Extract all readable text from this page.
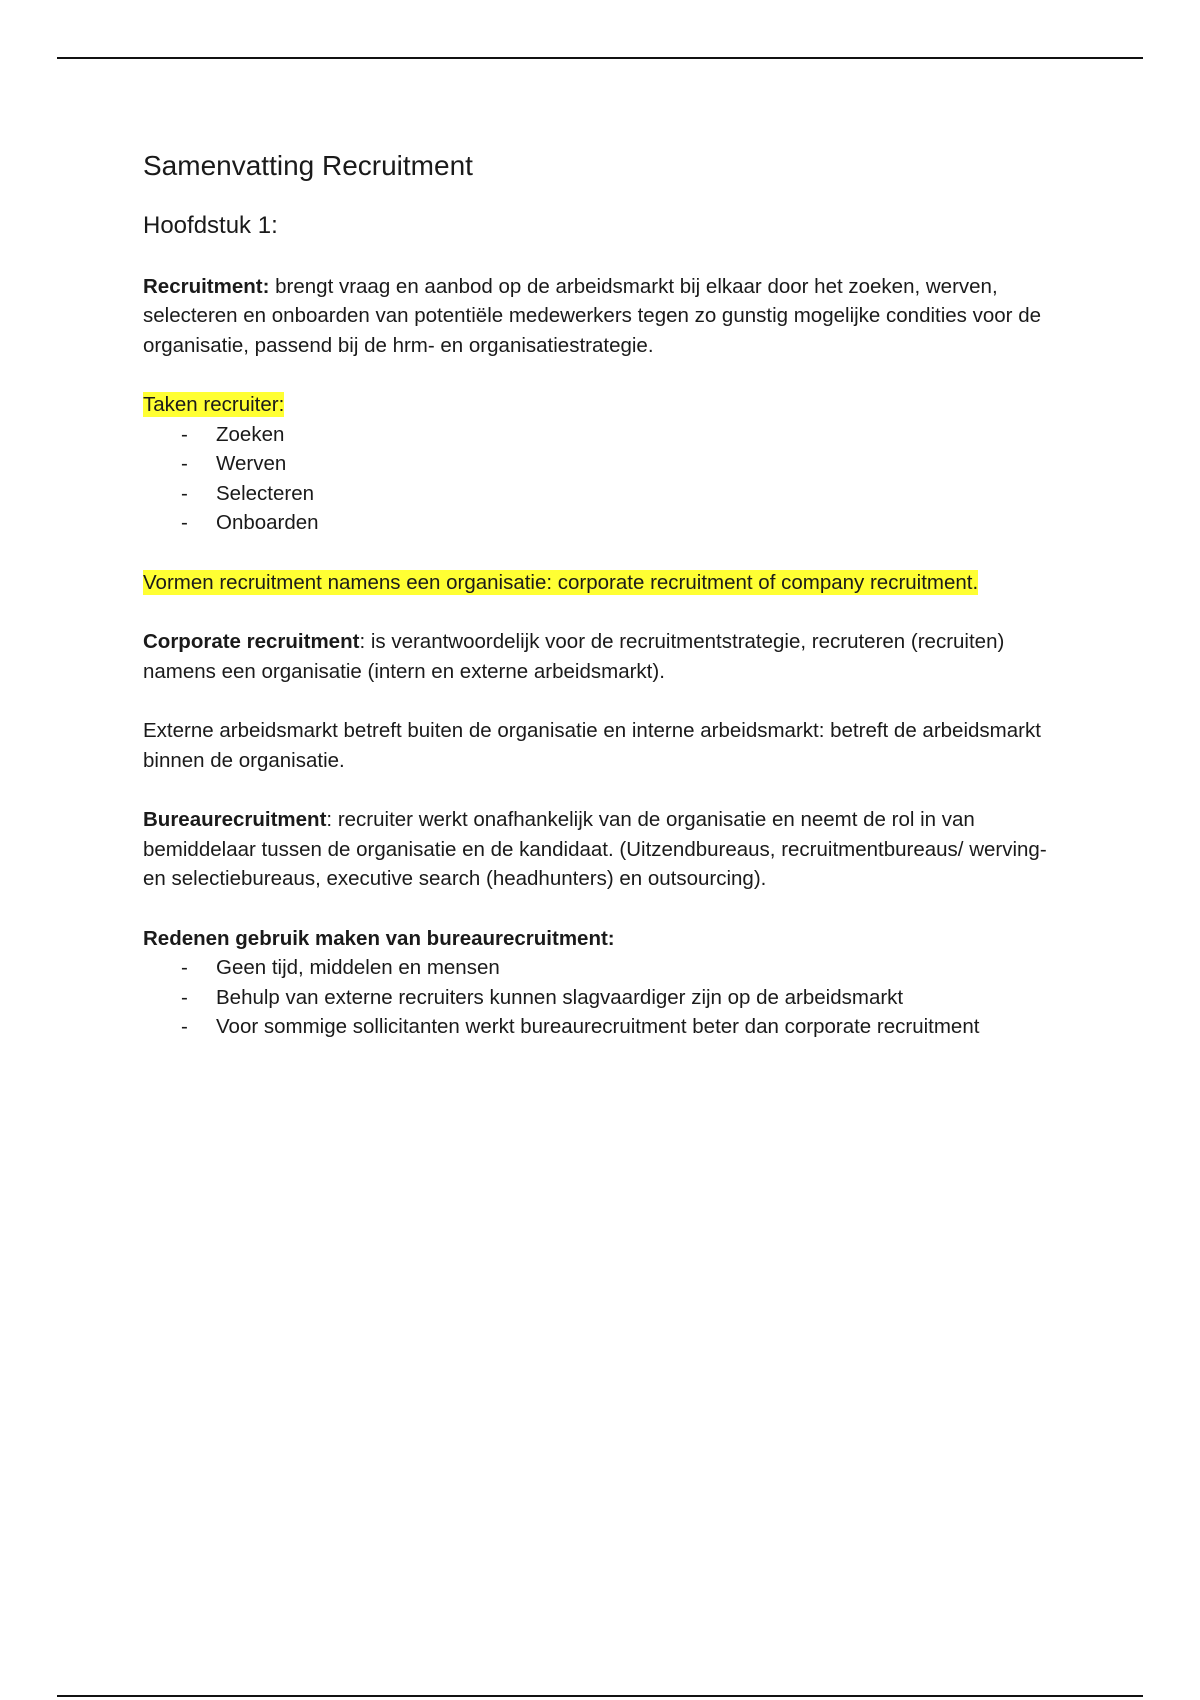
Samenvatting Recruitment
Hoofdstuk 1:

Recruitment: brengt vraag en aanbod op de arbeidsmarkt bij elkaar door het zoeken, werven, selecteren en onboarden van potentiële medewerkers tegen zo gunstig mogelijke condities voor de organisatie, passend bij de hrm- en organisatiestrategie.

Taken recruiter:

- Zoeken
- Werven
- Selecteren
- Onboarden

Vormen recruitment namens een organisatie: corporate recruitment of company recruitment.

Corporate recruitment: is verantwoordelijk voor de recruitmentstrategie, recruteren (recruiten) namens een organisatie (intern en externe arbeidsmarkt).

Externe arbeidsmarkt betreft buiten de organisatie en interne arbeidsmarkt: betreft de arbeidsmarkt binnen de organisatie.

Bureaurecruitment: recruiter werkt onafhankelijk van de organisatie en neemt de rol in van bemiddelaar tussen de organisatie en de kandidaat. (Uitzendbureaus, recruitmentbureaus/ werving- en selectiebureaus, executive search (headhunters) en outsourcing).

Redenen gebruik maken van bureaurecruitment:

- Geen tijd, middelen en mensen
- Behulp van externe recruiters kunnen slagvaardiger zijn op de arbeidsmarkt
- Voor sommige sollicitanten werkt bureaurecruitment beter dan corporate recruitment
